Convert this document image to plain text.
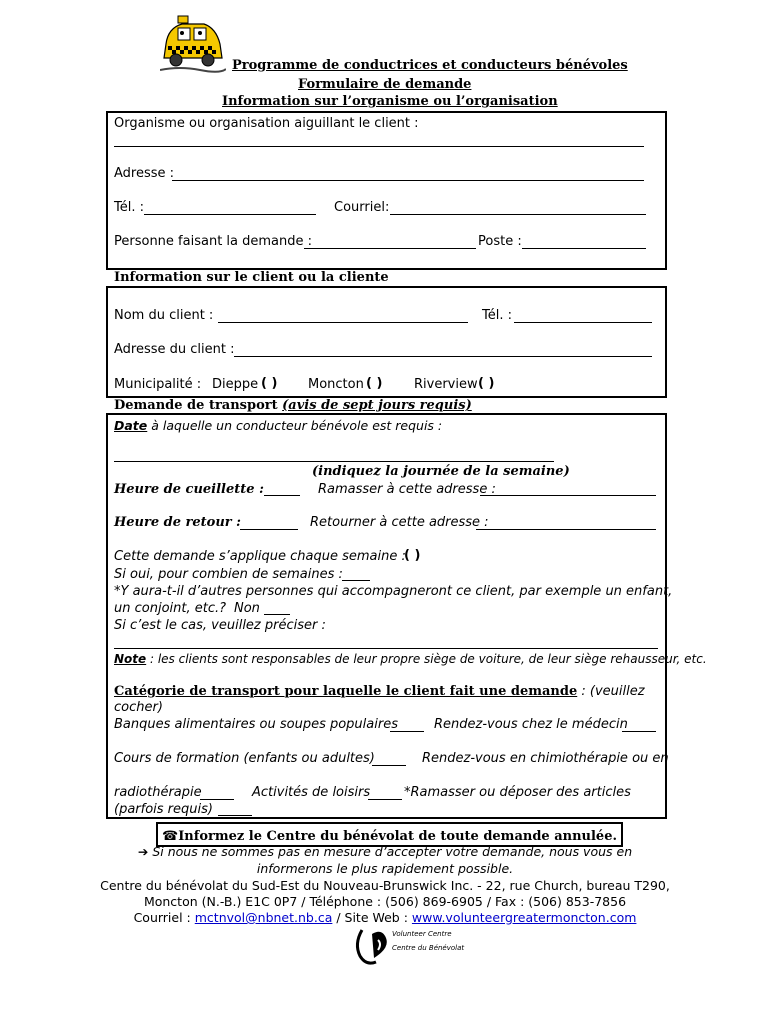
Programme de conductrices et conducteurs bénévoles
Formulaire de demande
Information sur l’organisme ou l’organisation
Organisme ou organisation aiguillant le client :
Adresse :
Tél. :	Courriel:
Personne faisant la demande :	Poste :
Information sur le client ou la cliente
Nom du client :	Tél. :
Adresse du client :
Municipalité : Dieppe ( ) Moncton ( ) Riverview ( )
Demande de transport (avis de sept jours requis)
Date à laquelle un conducteur bénévole est requis :
(indiquez la journée de la semaine)
Heure de cueillette :	Ramasser à cette adresse :
Heure de retour :	Retourner à cette adresse :
Cette demande s’applique chaque semaine :
( )
Si oui, pour combien de semaines :
*Y aura-t-il d’autres personnes qui accompagneront ce client, par exemple un enfant,
un conjoint, etc.? Non
Si c’est le cas, veuillez préciser :
Note : les clients sont responsables de leur propre siège de voiture, de leur siège rehausseur, etc.
Catégorie de transport pour laquelle le client fait une demande : (veuillez
cocher)
Banques alimentaires ou soupes populaires	Rendez-vous chez le médecin
Cours de formation (enfants ou adultes)	Rendez-vous en chimiothérapie ou en
radiothérapie	Activités de loisirs	*Ramasser ou déposer des articles
(parfois requis)
☎Informez le Centre du bénévolat de toute demande annulée.
➔ Si nous ne sommes pas en mesure d’accepter votre demande, nous vous en
informerons le plus rapidement possible.
Centre du bénévolat du Sud-Est du Nouveau-Brunswick Inc. - 22, rue Church, bureau T290,
Moncton (N.-B.) E1C 0P7 / Téléphone : (506) 869-6905 / Fax : (506) 853-7856
Courriel : mctnvol@nbnet.nb.ca / Site Web : www.volunteergreatermoncton.com
Volunteer Centre
Centre du Bénévolat
